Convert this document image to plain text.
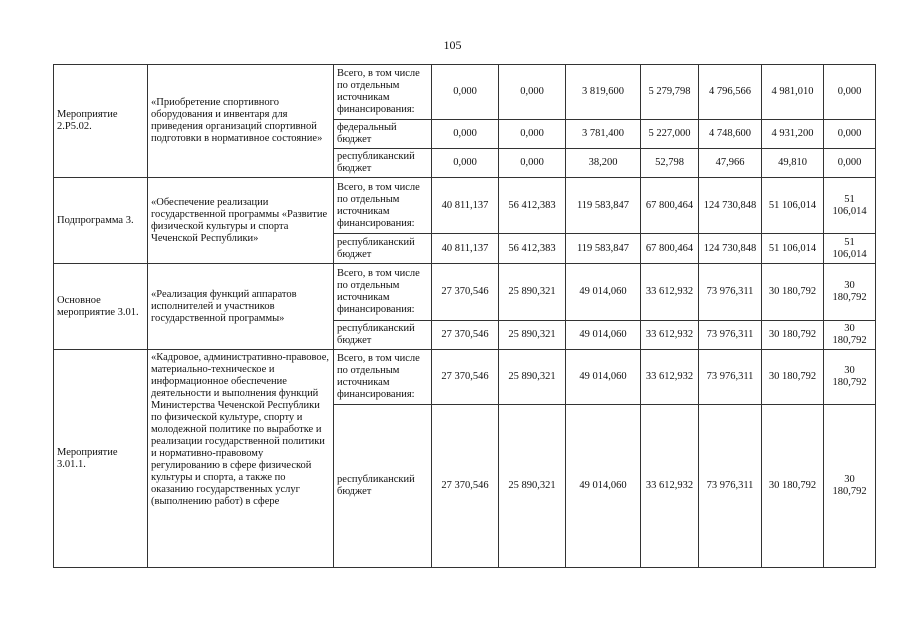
105
Мероприятие 2.Р5.02.	«Приобретение спортивного оборудования и инвентаря для приведения организаций спортивной подготовки в нормативное состояние»	Всего, в том числе по отдельным источникам финансирования:	0,000	0,000	3 819,600	5 279,798	4 796,566	4 981,010	0,000
		федеральный бюджет	0,000	0,000	3 781,400	5 227,000	4 748,600	4 931,200	0,000
		республиканский бюджет	0,000	0,000	38,200	52,798	47,966	49,810	0,000
Подпрограмма 3.	«Обеспечение реализации государственной программы «Развитие физической культуры и спорта Чеченской Республики»	Всего, в том числе по отдельным источникам финансирования:	40 811,137	56 412,383	119 583,847	67 800,464	124 730,848	51 106,014	51 106,014
		республиканский бюджет	40 811,137	56 412,383	119 583,847	67 800,464	124 730,848	51 106,014	51 106,014
Основное мероприятие 3.01.	«Реализация функций аппаратов исполнителей и участников государственной программы»	Всего, в том числе по отдельным источникам финансирования:	27 370,546	25 890,321	49 014,060	33 612,932	73 976,311	30 180,792	30 180,792
		республиканский бюджет	27 370,546	25 890,321	49 014,060	33 612,932	73 976,311	30 180,792	30 180,792
Мероприятие 3.01.1.	«Кадровое, административно-правовое, материально-техническое и информационное обеспечение деятельности и выполнения функций Министерства Чеченской Республики по физической культуре, спорту и молодежной политике по выработке и реализации государственной политики и нормативно-правовому регулированию в сфере физической культуры и спорта, а также по оказанию государственных услуг (выполнению работ) в сфере	Всего, в том числе по отдельным источникам финансирования:	27 370,546	25 890,321	49 014,060	33 612,932	73 976,311	30 180,792	30 180,792
		республиканский бюджет	27 370,546	25 890,321	49 014,060	33 612,932	73 976,311	30 180,792	30 180,792
